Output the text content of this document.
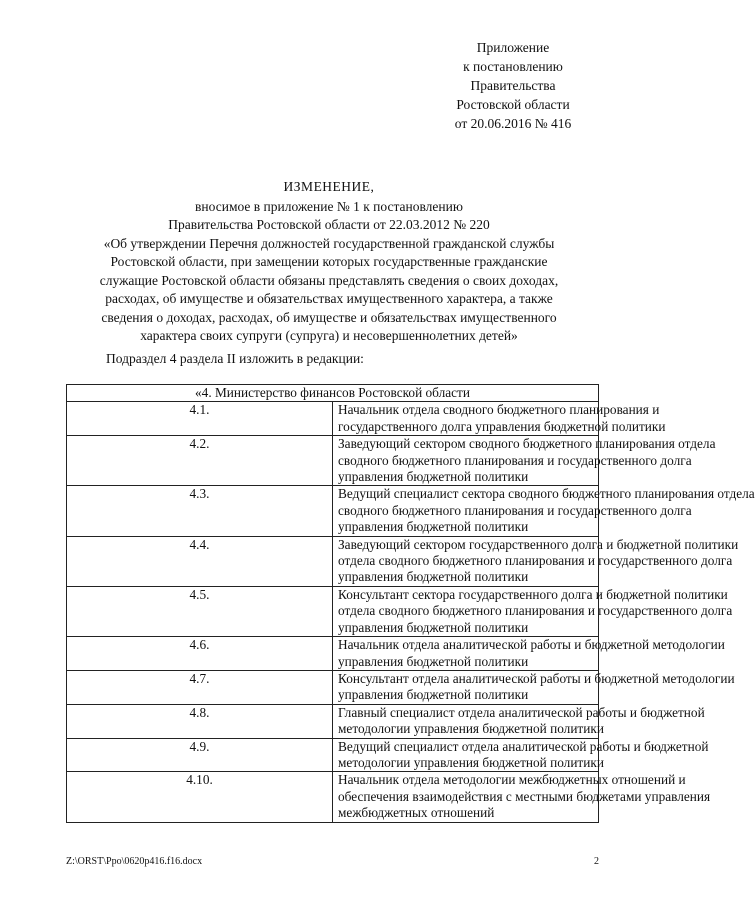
Приложение
к постановлению
Правительства
Ростовской области
от 20.06.2016 № 416
ИЗМЕНЕНИЕ,
вносимое в приложение № 1 к постановлению
Правительства Ростовской области от 22.03.2012 № 220
«Об утверждении Перечня должностей государственной гражданской службы
Ростовской области, при замещении которых государственные гражданские
служащие Ростовской области обязаны представлять сведения о своих доходах,
расходах, об имуществе и обязательствах имущественного характера, а также
сведения о доходах, расходах, об имуществе и обязательствах имущественного
характера своих супруги (супруга) и несовершеннолетних детей»
Подраздел 4 раздела II изложить в редакции:
«4. Министерство финансов Ростовской области	

4.1.	Начальник отдела сводного бюджетного планирования и
государственного долга управления бюджетной политики

4.2.	Заведующий сектором сводного бюджетного планирования отдела
сводного бюджетного планирования и государственного долга
управления бюджетной политики

4.3.	Ведущий специалист сектора сводного бюджетного планирования отдела
сводного бюджетного планирования и государственного долга
управления бюджетной политики

4.4.	Заведующий сектором государственного долга и бюджетной политики
отдела сводного бюджетного планирования и государственного долга
управления бюджетной политики

4.5.	Консультант сектора государственного долга и бюджетной политики
отдела сводного бюджетного планирования и государственного долга
управления бюджетной политики

4.6.	Начальник отдела аналитической работы и бюджетной методологии
управления бюджетной политики

4.7.	Консультант отдела аналитической работы и бюджетной методологии
управления бюджетной политики

4.8.	Главный специалист отдела аналитической работы и бюджетной
методологии управления бюджетной политики

4.9.	Ведущий специалист отдела аналитической работы и бюджетной
методологии управления бюджетной политики

4.10.	Начальник отдела методологии межбюджетных отношений и
обеспечения взаимодействия с местными бюджетами управления
межбюджетных отношений
Z:\ORST\Ppo\0620p416.f16.docx	2
